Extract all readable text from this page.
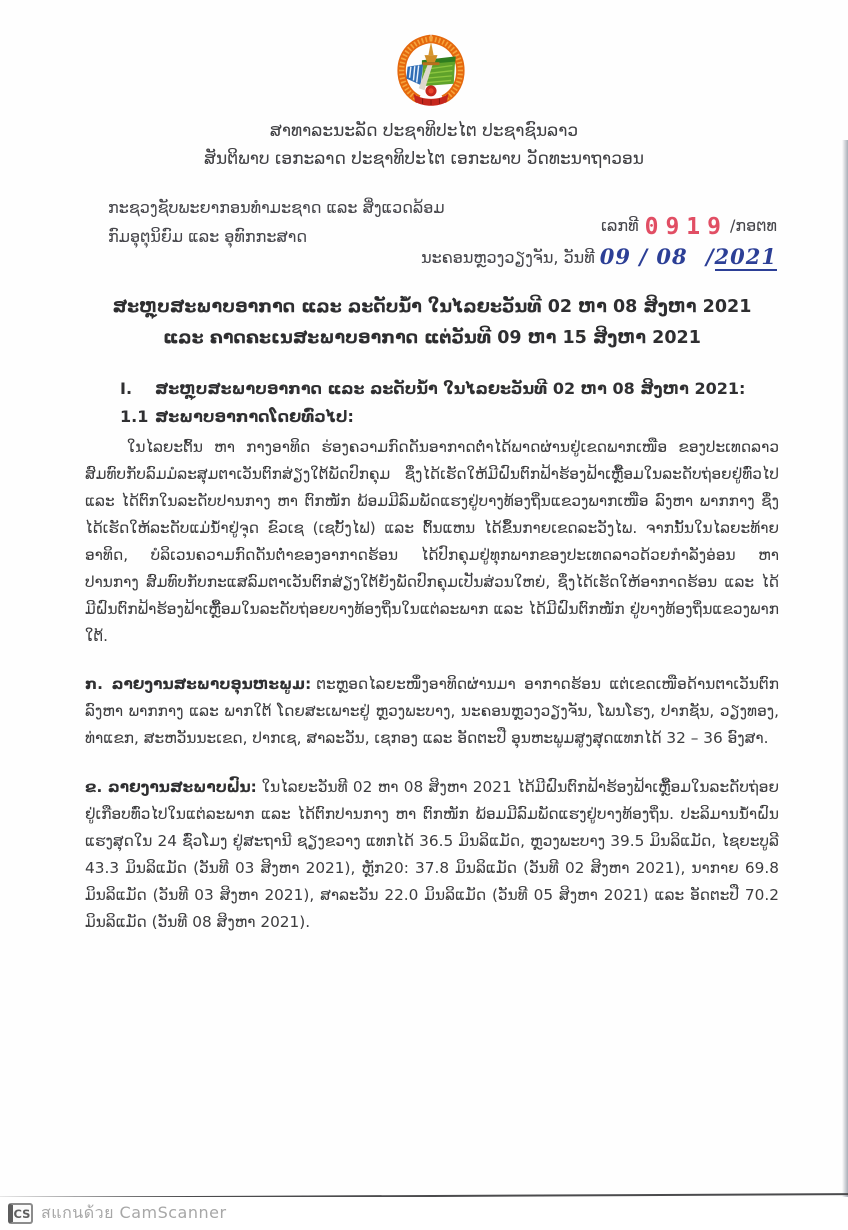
ສາທາລະນະລັດ ປະຊາທິປະໄຕ ປະຊາຊົນລາວ
ສັນຕິພາບ ເອກະລາດ ປະຊາທິປະໄຕ ເອກະພາບ ວັດທະນາຖາວອນ
ກະຊວງຊັບພະຍາກອນທຳມະຊາດ ແລະ ສິ່ງແວດລ້ອມ
ກົມອຸຕຸນິຍົມ ແລະ ອຸທົກກະສາດ
ເລກທີ 0919 /ກອຕທ
ນະຄອນຫຼວງວຽງຈັນ, ວັນທີ 09 / 08 /2021
ສະຫຼຸບສະພາບອາກາດ ແລະ ລະດັບນ້ຳ ໃນໄລຍະວັນທີ 02 ຫາ 08 ສິງຫາ 2021
ແລະ ຄາດຄະເນສະພາບອາກາດ ແຕ່ວັນທີ 09 ຫາ 15 ສິງຫາ 2021
I.	ສະຫຼຸບສະພາບອາກາດ ແລະ ລະດັບນ້ຳ ໃນໄລຍະວັນທີ 02 ຫາ 08 ສິງຫາ 2021:
1.1 ສະພາບອາກາດໂດຍທົ່ວໄປ:

ໃນໄລຍະຕົ້ນ ຫາ ກາງອາທິດ ຮ່ອງຄວາມກົດດັນອາກາດຕ່ຳໄດ້ພາດຜ່ານຢູ່ເຂດພາກເໜືອ ຂອງປະເທດລາວ ສົມທົບກັບລົມມໍລະສຸມຕາເວັນຕົກສ່ຽງໃຕ້ພັດປົກຄຸມ ຊຶ່ງໄດ້ເຮັດໃຫ້ມີຝົນຕົກຟ້າຮ້ອງຟ້າເຫຼື້ອມໃນລະດັບຖ່ອຍຢູ່ທົ່ວໄປ ແລະ ໄດ້ຕົກໃນລະດັບປານກາງ ຫາ ຕົກໜັກ ພ້ອມມີລົມພັດແຮງຢູ່ບາງທ້ອງຖິ່ນແຂວງພາກເໜືອ ລົງຫາ ພາກກາງ ຊຶ່ງໄດ້ເຮັດໃຫ້ລະດັບແມ່ນ້ຳຢູ່ຈຸດ ຂົວເຊ (ເຊບັ້ງໄຟ) ແລະ ຕົ້ນແຫນ ໄດ້ຂຶ້ນກາຍເຂດລະວັງໄພ. ຈາກນັ້ນໃນໄລຍະທ້າຍອາທິດ, ບໍລິເວນຄວາມກົດດັນຕ່ຳຂອງອາກາດຮ້ອນ ໄດ້ປົກຄຸມຢູ່ທຸກພາກຂອງປະເທດລາວດ້ວຍກຳລັງອ່ອນ ຫາ ປານກາງ ສົມທົບກັບກະແສລົມຕາເວັນຕົກສ່ຽງໃຕ້ຍັງພັດປົກຄຸມເປັນສ່ວນໃຫຍ່, ຊຶ່ງໄດ້ເຮັດໃຫ້ອາກາດຮ້ອນ ແລະ ໄດ້ມີຝົນຕົກຟ້າຮ້ອງຟ້າເຫຼື້ອມໃນລະດັບຖ່ອຍບາງທ້ອງຖິ່ນໃນແຕ່ລະພາກ ແລະ ໄດ້ມີຝົນຕົກໜັກ ຢູ່ບາງທ້ອງຖິ່ນແຂວງພາກໃຕ້.

ກ. ລາຍງານສະພາບອຸນຫະພູມ: ຕະຫຼອດໄລຍະໜຶ່ງອາທິດຜ່ານມາ ອາກາດຮ້ອນ ແຕ່ເຂດເໜືອດ້ານຕາເວັນຕົກ ລົງຫາ ພາກກາງ ແລະ ພາກໃຕ້ ໂດຍສະເພາະຢູ່ ຫຼວງພະບາງ, ນະຄອນຫຼວງວຽງຈັນ, ໂພນໂຮງ, ປາກຊັນ, ວຽງທອງ, ທ່າແຂກ, ສະຫວັນນະເຂດ, ປາກເຊ, ສາລະວັນ, ເຊກອງ ແລະ ອັດຕະປື ອຸນຫະພູມສູງສຸດແທກໄດ້ 32 – 36 ອົງສາ.

ຂ. ລາຍງານສະພາບຝົນ: ໃນໄລຍະວັນທີ 02 ຫາ 08 ສິງຫາ 2021 ໄດ້ມີຝົນຕົກຟ້າຮ້ອງຟ້າເຫຼື້ອມໃນລະດັບຖ່ອຍຢູ່ເກືອບທົ່ວໄປໃນແຕ່ລະພາກ ແລະ ໄດ້ຕົກປານກາງ ຫາ ຕົກໜັກ ພ້ອມມີລົມພັດແຮງຢູ່ບາງທ້ອງຖິ່ນ. ປະລິມານນ້ຳຝົນແຮງສຸດໃນ 24 ຊົ່ວໂມງ ຢູ່ສະຖານີ ຊຽງຂວາງ ແທກໄດ້ 36.5 ມິນລິແມັດ, ຫຼວງພະບາງ 39.5 ມິນລິແມັດ, ໄຊຍະບູລີ 43.3 ມິນລິແມັດ (ວັນທີ 03 ສິງຫາ 2021), ຫຼັກ20: 37.8 ມິນລິແມັດ (ວັນທີ 02 ສິງຫາ 2021), ນາກາຍ 69.8 ມິນລິແມັດ (ວັນທີ 03 ສິງຫາ 2021), ສາລະວັນ 22.0 ມິນລິແມັດ (ວັນທີ 05 ສິງຫາ 2021) ແລະ ອັດຕະປື 70.2 ມິນລິແມັດ (ວັນທີ 08 ສິງຫາ 2021).

CS สแกนด้วย CamScanner
